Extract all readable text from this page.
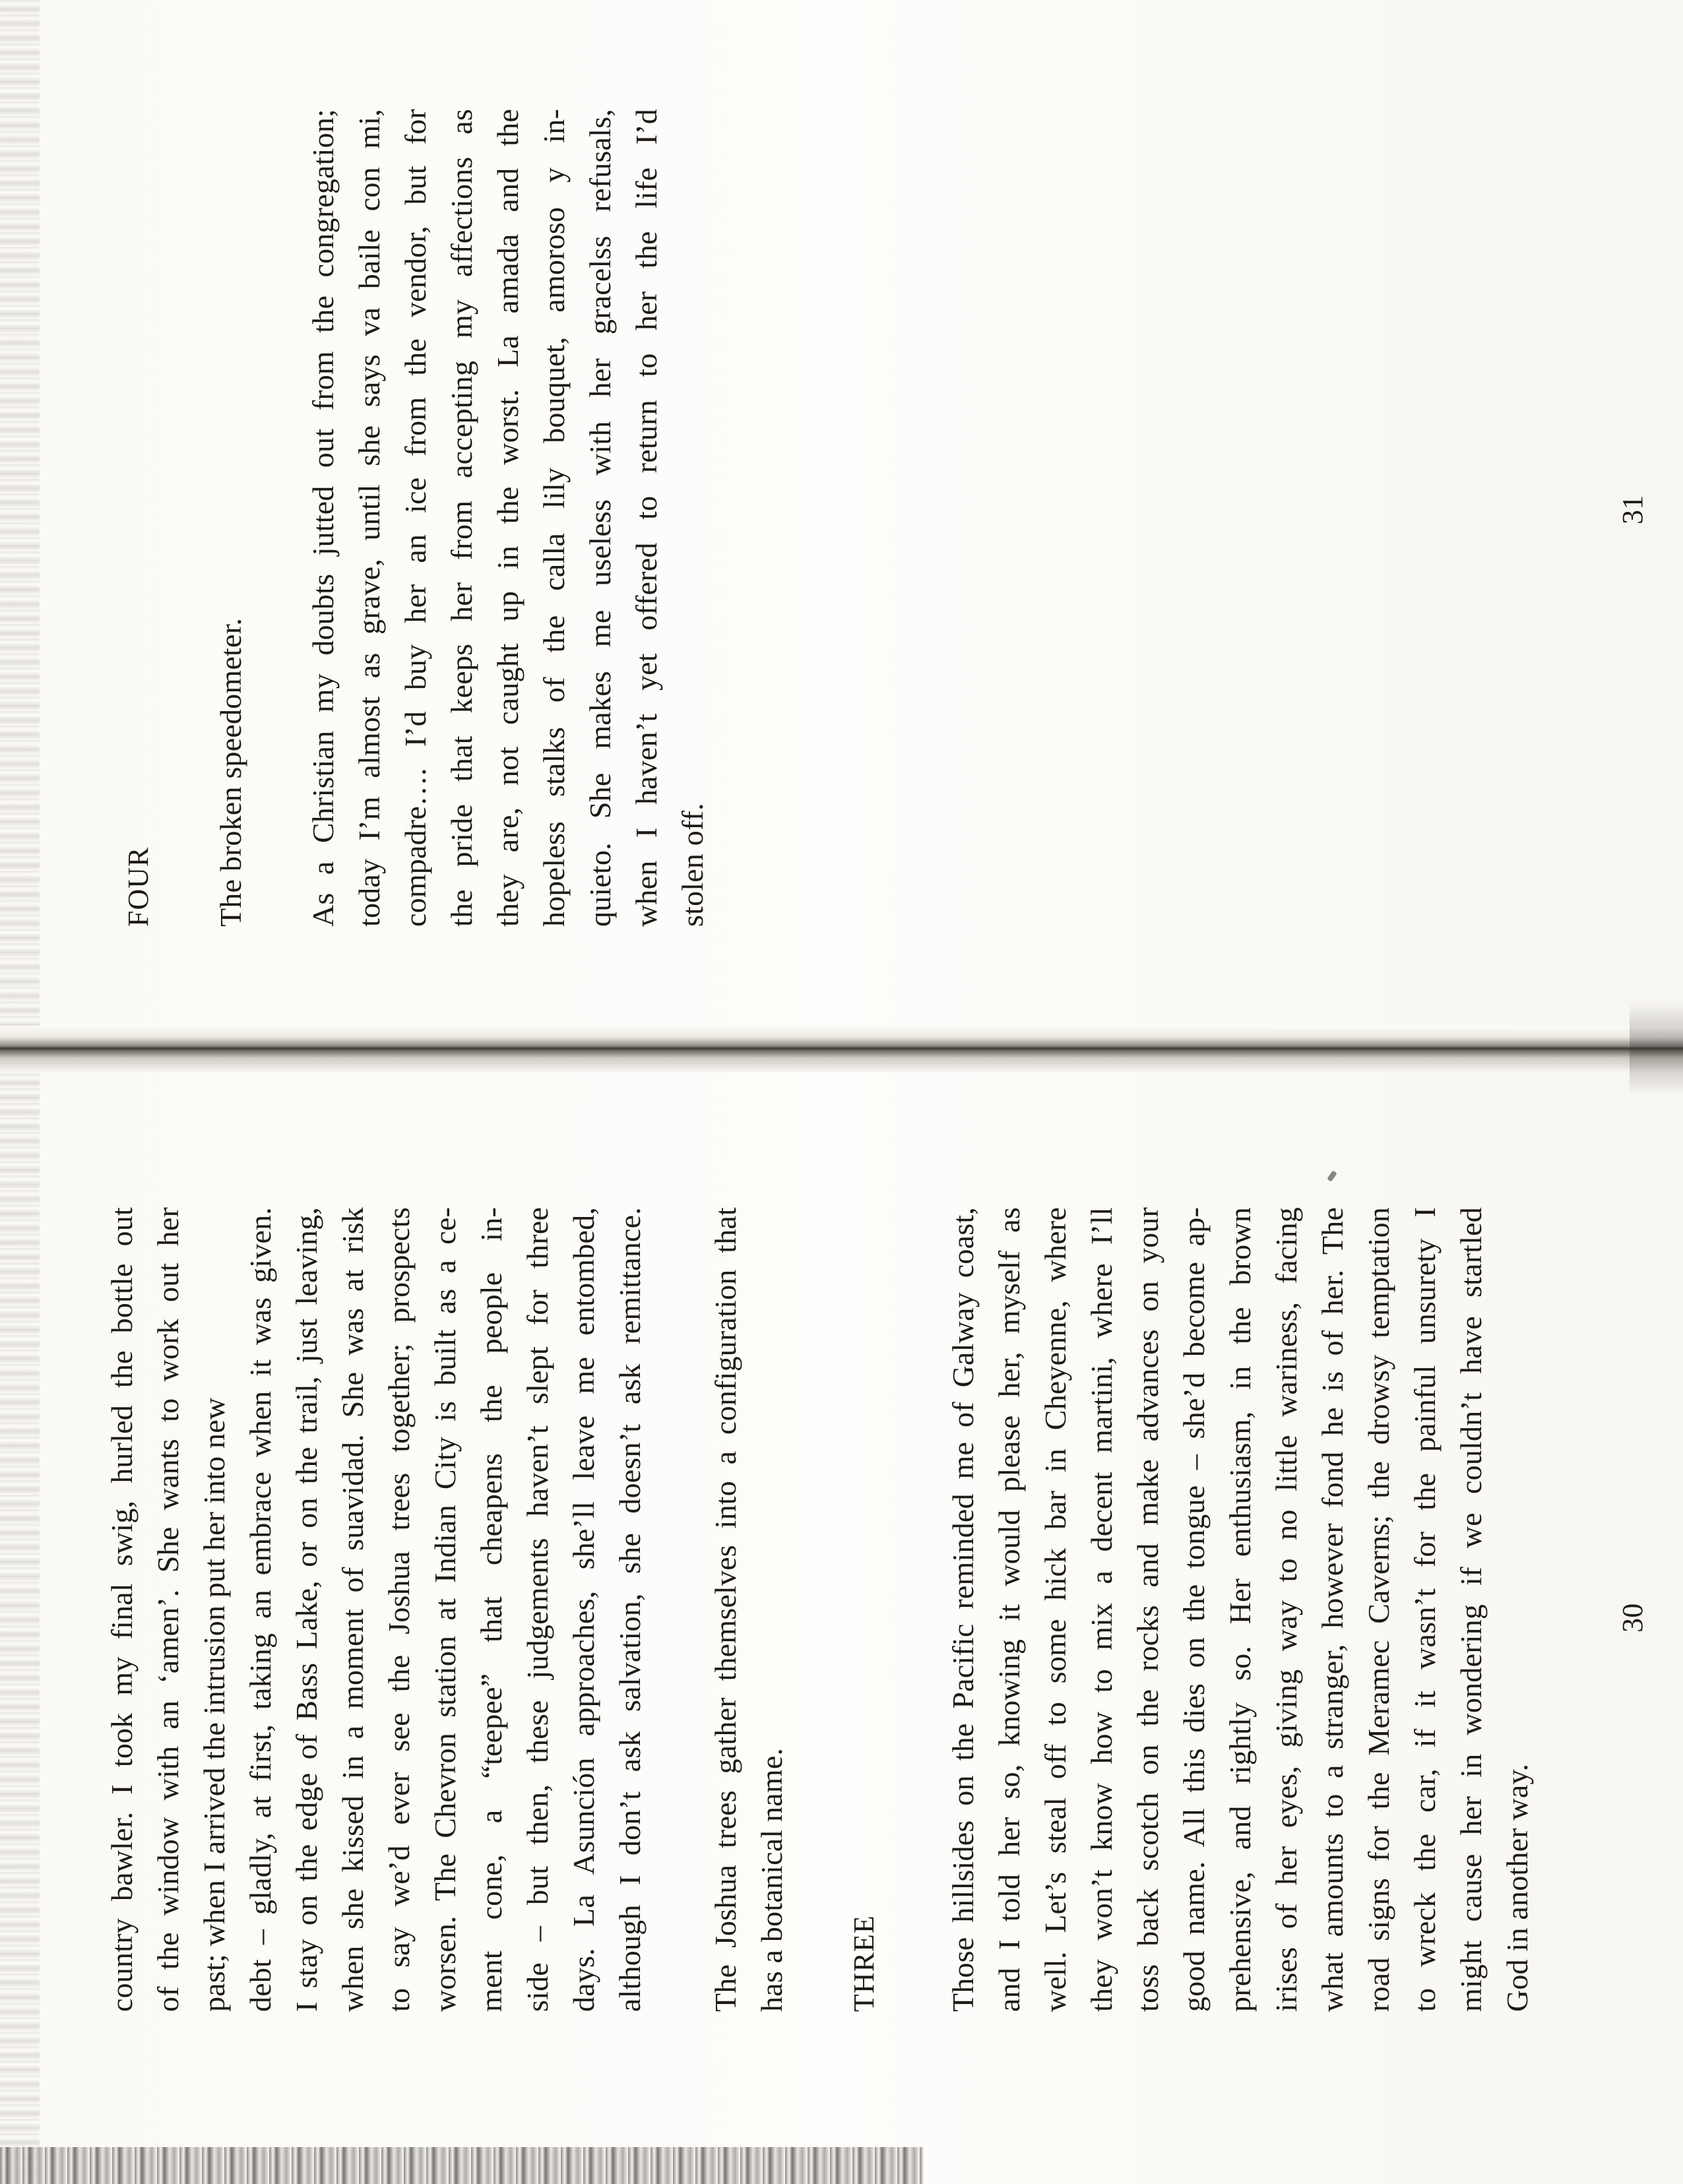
country bawler. I took my final swig, hurled the bottle out of the window with an ‘amen’. She wants to work out her past; when I arrived the intrusion put her into new debt – gladly, at first, taking an embrace when it was given. I stay on the edge of Bass Lake, or on the trail, just leaving, when she kissed in a moment of suavidad. She was at risk to say we’d ever see the Joshua trees together; prospects worsen. The Chevron station at Indian City is built as a ce- ment cone, a “teepee” that cheapens the people in- side – but then, these judgements haven’t slept for three days. La Asunción approaches, she’ll leave me entombed, although I don’t ask salvation, she doesn’t ask remittance. The Joshua trees gather themselves into a configuration that has a botanical name. THREE Those hillsides on the Pacific reminded me of Galway coast, and I told her so, knowing it would please her, myself as well. Let’s steal off to some hick bar in Cheyenne, where they won’t know how to mix a decent martini, where I’ll toss back scotch on the rocks and make advances on your good name. All this dies on the tongue – she’d become ap- prehensive, and rightly so. Her enthusiasm, in the brown irises of her eyes, giving way to no little wariness, facing what amounts to a stranger, however fond he is of her. The road signs for the Meramec Caverns; the drowsy temptation to wreck the car, if it wasn’t for the painful unsurety I might cause her in wondering if we couldn’t have startled God in another way.
30
FOUR The broken speedometer. As a Christian my doubts jutted out from the congregation; today I’m almost as grave, until she says va baile con mi, compadre…. I’d buy her an ice from the vendor, but for the pride that keeps her from accepting my affections as they are, not caught up in the worst. La amada and the hopeless stalks of the calla lily bouquet, amoroso y in- quieto. She makes me useless with her gracelss refusals, when I haven’t yet offered to return to her the life I’d stolen off.
31
